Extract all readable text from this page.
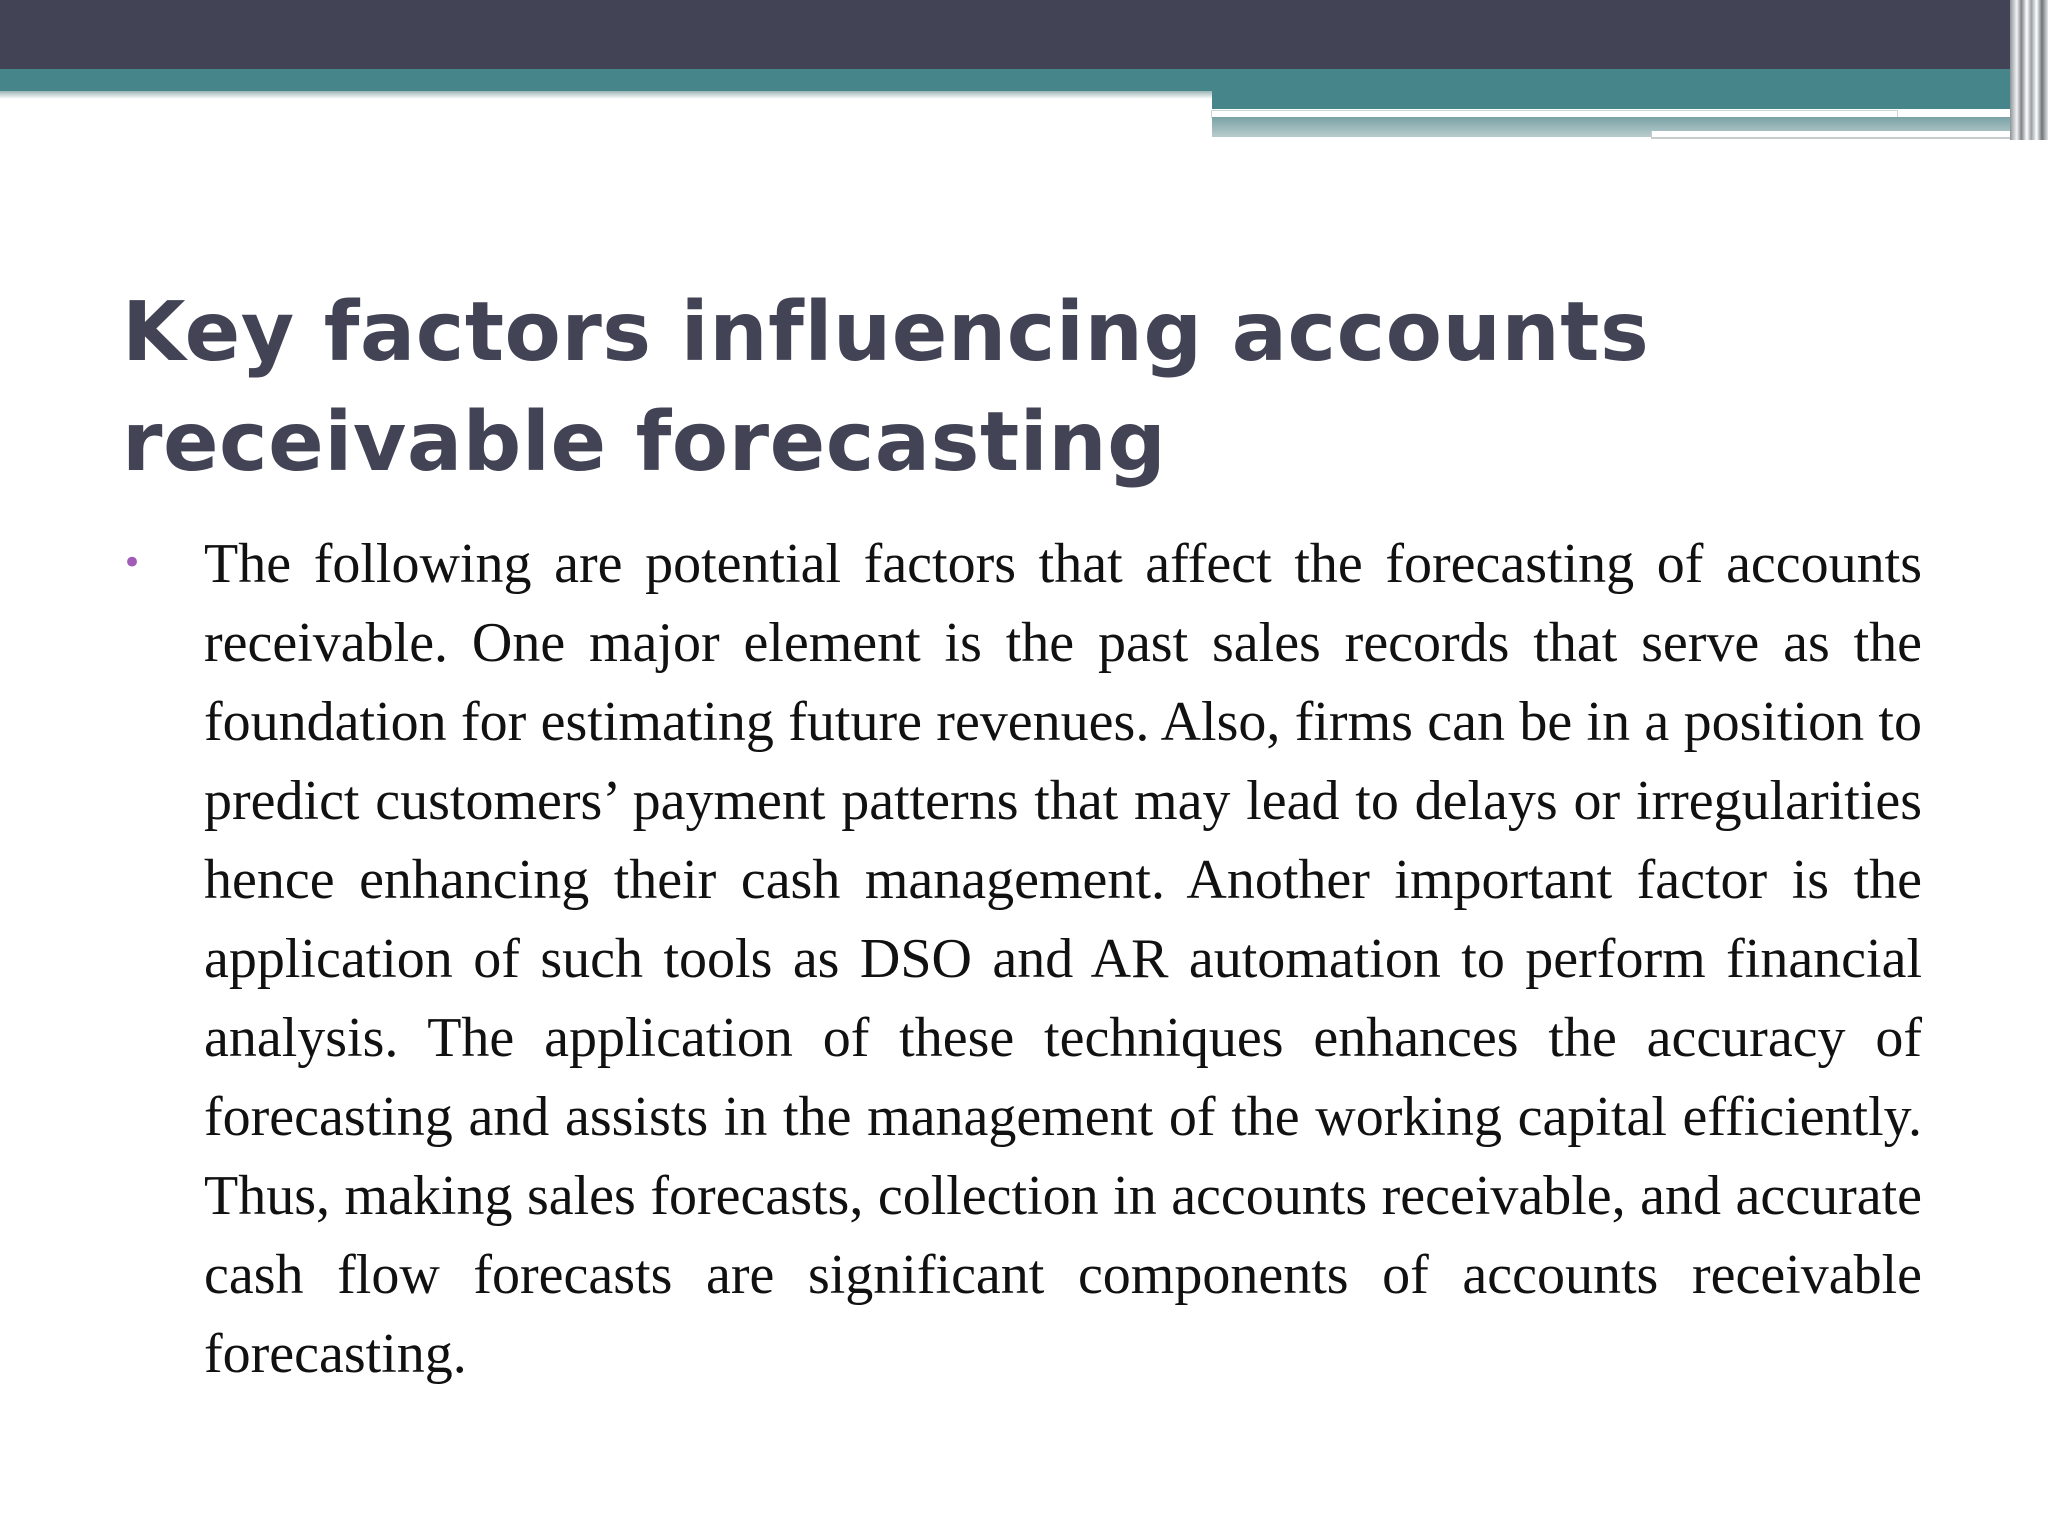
Key factors influencing accounts receivable forecasting
• The following are potential factors that affect the forecasting of accounts receivable. One major element is the past sales records that serve as the foundation for estimating future revenues. Also, firms can be in a position to predict customers’ payment patterns that may lead to delays or irregularities hence enhancing their cash management. Another important factor is the application of such tools as DSO and AR automation to perform financial analysis. The application of these techniques enhances the accuracy of forecasting and assists in the management of the working capital efficiently. Thus, making sales forecasts, collection in accounts receivable, and accurate cash flow forecasts are significant components of accounts receivable forecasting.
